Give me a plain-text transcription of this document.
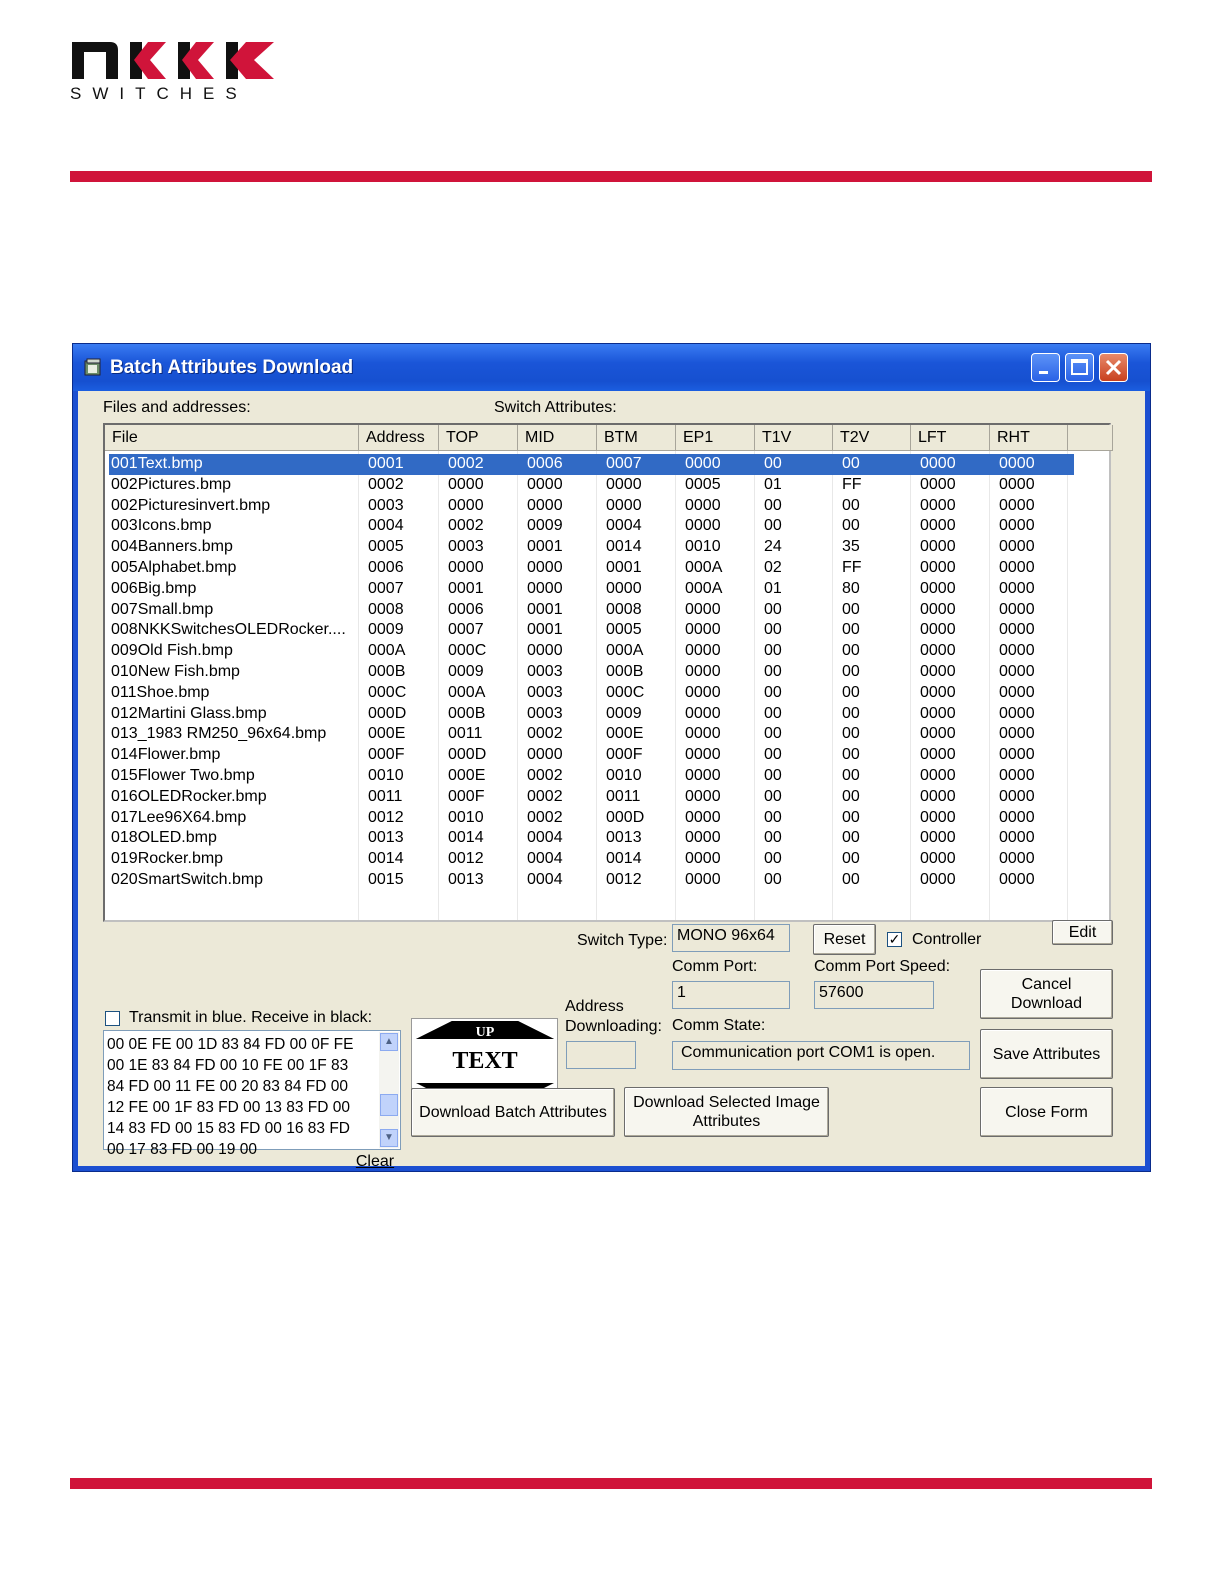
NKK
SWITCHES
Batch Attributes Download
Files and addresses:	Switch Attributes:
File	Address	TOP	MID	BTM	EP1	T1V	T2V	LFT	RHT
001Text.bmp	0001	0002	0006	0007	0000	00	00	0000	0000
002Pictures.bmp	0002	0000	0000	0000	0005	01	FF	0000	0000
002Picturesinvert.bmp	0003	0000	0000	0000	0000	00	00	0000	0000
003Icons.bmp	0004	0002	0009	0004	0000	00	00	0000	0000
004Banners.bmp	0005	0003	0001	0014	0010	24	35	0000	0000
005Alphabet.bmp	0006	0000	0000	0001	000A	02	FF	0000	0000
006Big.bmp	0007	0001	0000	0000	000A	01	80	0000	0000
007Small.bmp	0008	0006	0001	0008	0000	00	00	0000	0000
008NKKSwitchesOLEDRocker....	0009	0007	0001	0005	0000	00	00	0000	0000
009Old Fish.bmp	000A	000C	0000	000A	0000	00	00	0000	0000
010New Fish.bmp	000B	0009	0003	000B	0000	00	00	0000	0000
011Shoe.bmp	000C	000A	0003	000C	0000	00	00	0000	0000
012Martini Glass.bmp	000D	000B	0003	0009	0000	00	00	0000	0000
013_1983 RM250_96x64.bmp	000E	0011	0002	000E	0000	00	00	0000	0000
014Flower.bmp	000F	000D	0000	000F	0000	00	00	0000	0000
015Flower Two.bmp	0010	000E	0002	0010	0000	00	00	0000	0000
016OLEDRocker.bmp	0011	000F	0002	0011	0000	00	00	0000	0000
017Lee96X64.bmp	0012	0010	0002	000D	0000	00	00	0000	0000
018OLED.bmp	0013	0014	0004	0013	0000	00	00	0000	0000
019Rocker.bmp	0014	0012	0004	0014	0000	00	00	0000	0000
020SmartSwitch.bmp	0015	0013	0004	0012	0000	00	00	0000	0000
Switch Type: MONO 96x64	Reset	✓ Controller	Edit
Transmit in blue. Receive in black:
00 0E FE 00 1D 83 84 FD 00 0F FE
00 1E 83 84 FD 00 10 FE 00 1F 83
84 FD 00 11 FE 00 20 83 84 FD 00
12 FE 00 1F 83 FD 00 13 83 FD 00
14 83 FD 00 15 83 FD 00 16 83 FD
00 17 83 FD 00 19 00
▲
▼
Clear
UP
TEXT
Address
Downloading:
Comm Port:
1
Comm Port Speed:
57600
Comm State:
Communication port COM1 is open.
Cancel
Download
Save Attributes
Close Form
Download Batch Attributes
Download Selected Image
Attributes
